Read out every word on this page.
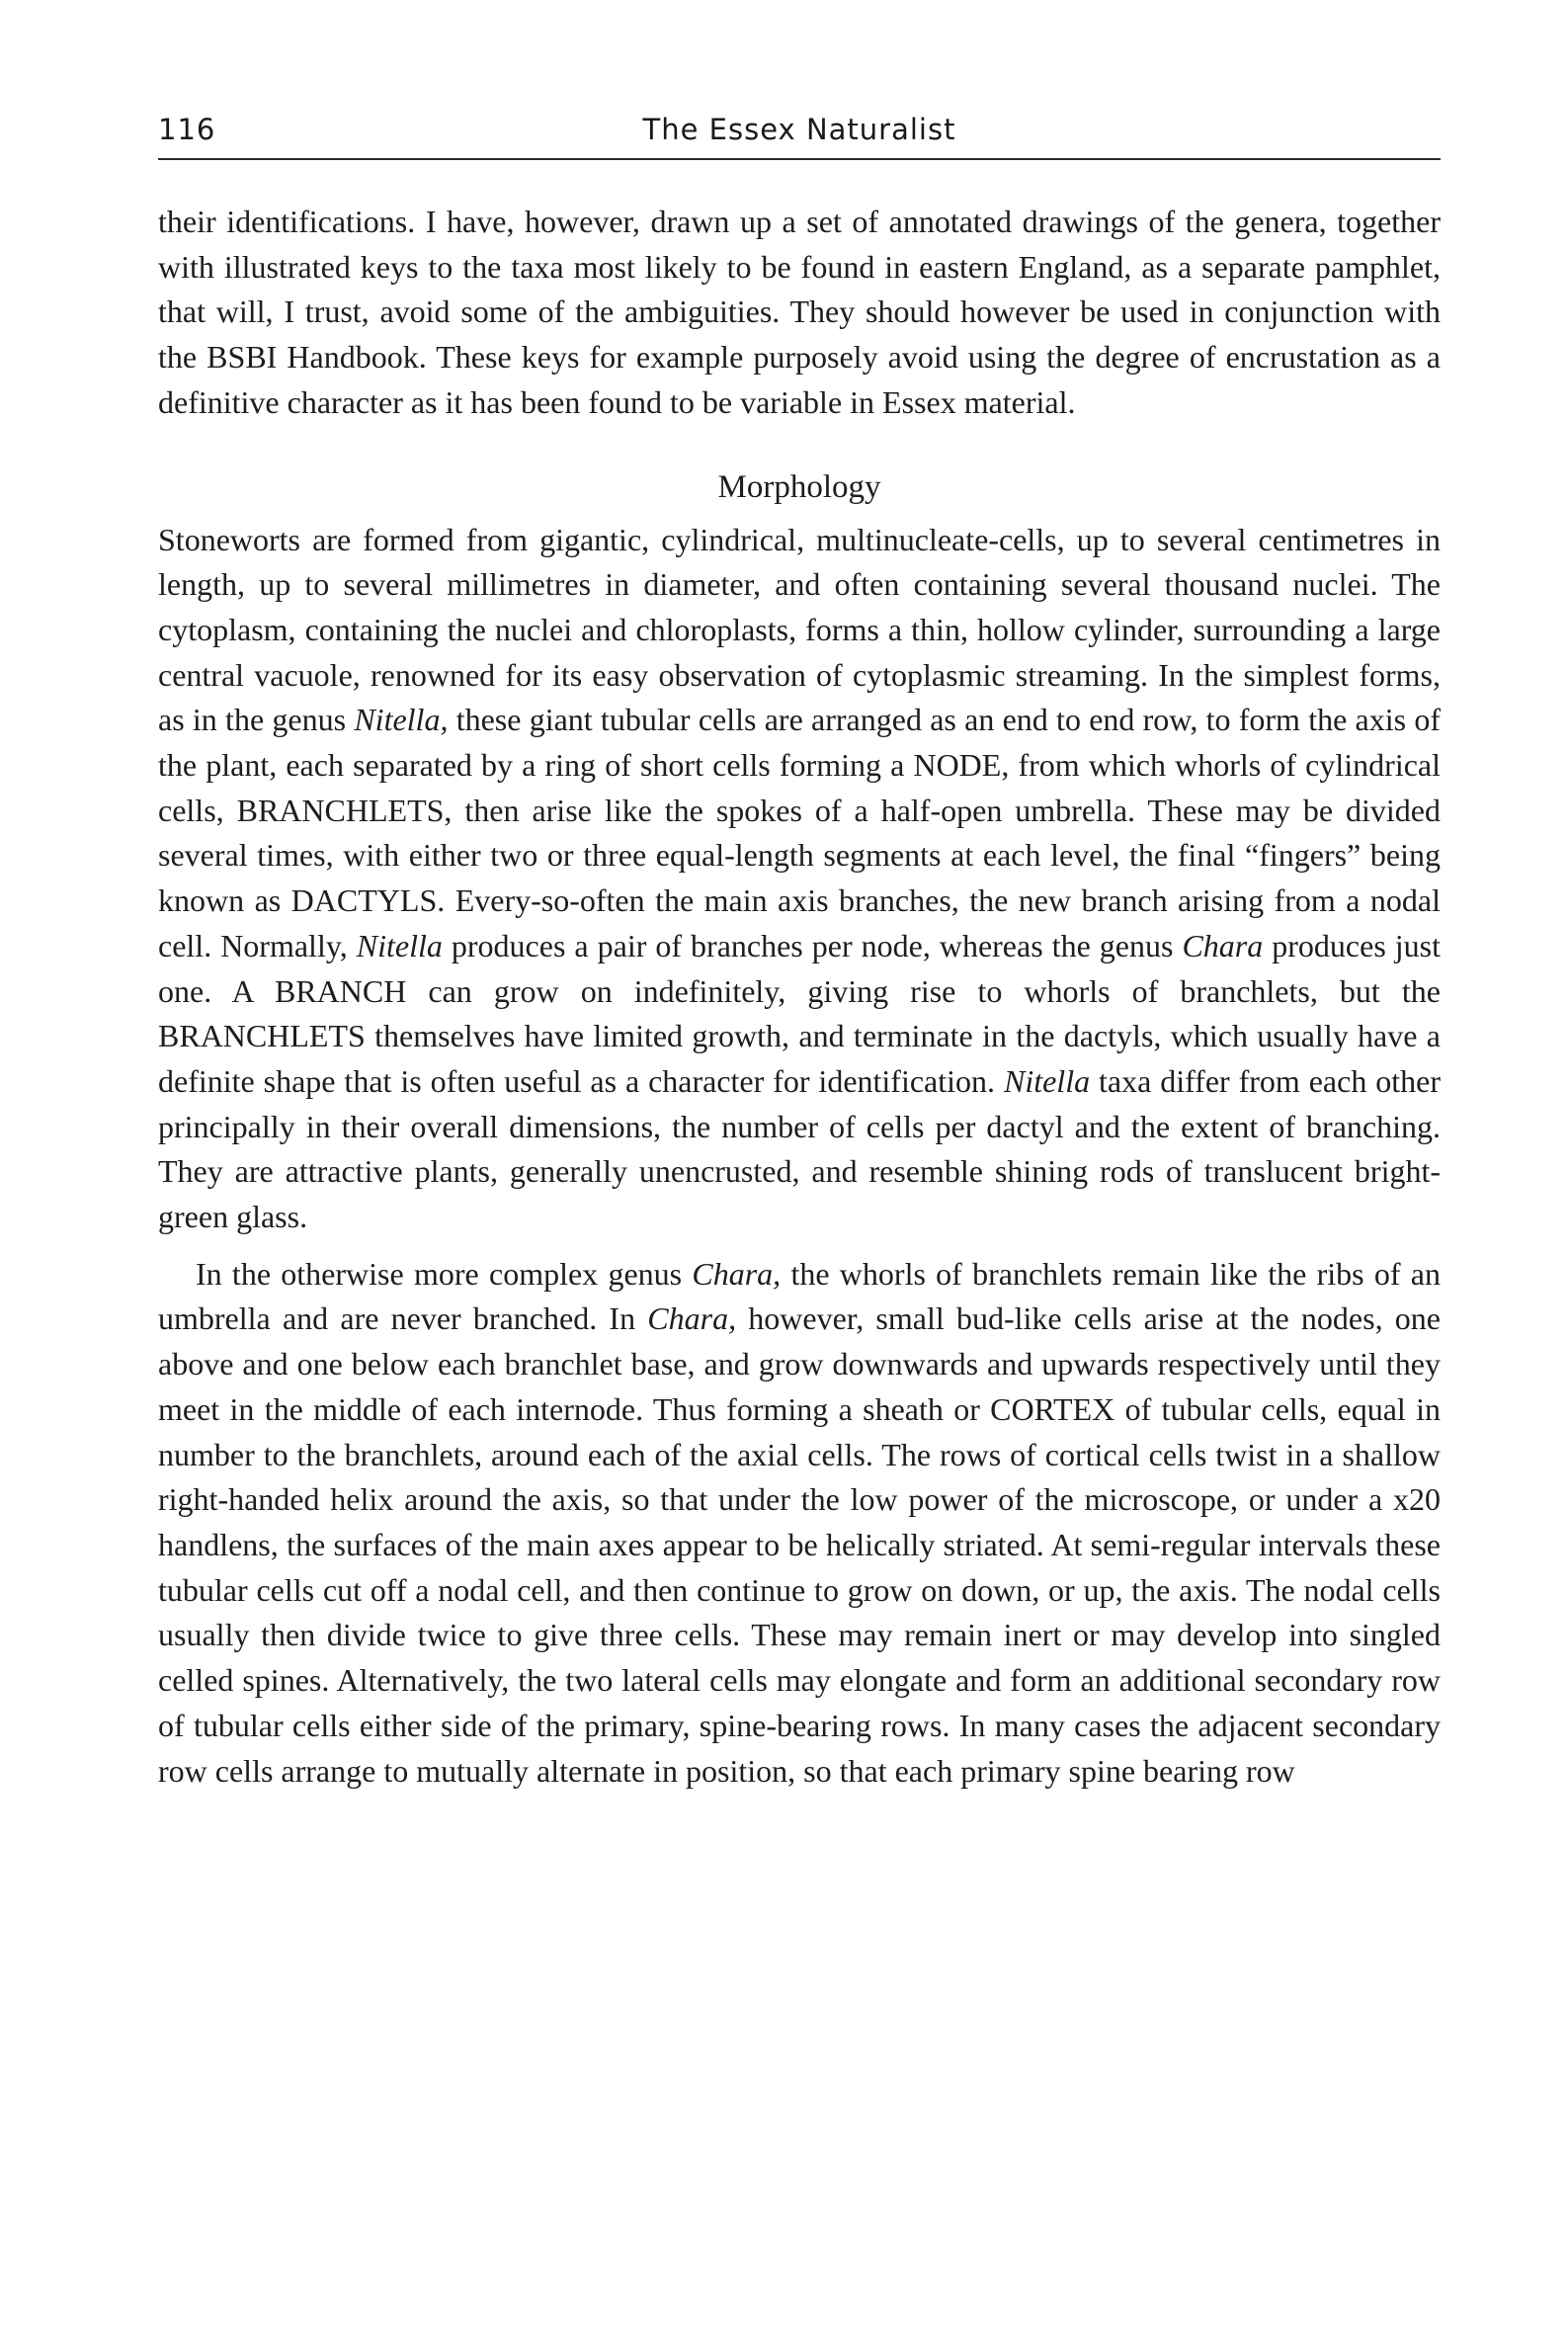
116	The Essex Naturalist

their identifications. I have, however, drawn up a set of annotated drawings of the genera, together with illustrated keys to the taxa most likely to be found in eastern England, as a separate pamphlet, that will, I trust, avoid some of the ambiguities. They should however be used in conjunction with the BSBI Handbook. These keys for example purposely avoid using the degree of encrustation as a definitive character as it has been found to be variable in Essex material.

Morphology

Stoneworts are formed from gigantic, cylindrical, multinucleate-cells, up to several centimetres in length, up to several millimetres in diameter, and often containing several thousand nuclei. The cytoplasm, containing the nuclei and chloroplasts, forms a thin, hollow cylinder, surrounding a large central vacuole, renowned for its easy observation of cytoplasmic streaming. In the simplest forms, as in the genus Nitella, these giant tubular cells are arranged as an end to end row, to form the axis of the plant, each separated by a ring of short cells forming a NODE, from which whorls of cylindrical cells, BRANCHLETS, then arise like the spokes of a half-open umbrella. These may be divided several times, with either two or three equal-length segments at each level, the final “fingers” being known as DACTYLS. Every-so-often the main axis branches, the new branch arising from a nodal cell. Normally, Nitella produces a pair of branches per node, whereas the genus Chara produces just one. A BRANCH can grow on indefinitely, giving rise to whorls of branchlets, but the BRANCHLETS themselves have limited growth, and terminate in the dactyls, which usually have a definite shape that is often useful as a character for identification. Nitella taxa differ from each other principally in their overall dimensions, the number of cells per dactyl and the extent of branching. They are attractive plants, generally unencrusted, and resemble shining rods of translucent bright-green glass.

In the otherwise more complex genus Chara, the whorls of branchlets remain like the ribs of an umbrella and are never branched. In Chara, however, small bud-like cells arise at the nodes, one above and one below each branchlet base, and grow downwards and upwards respectively until they meet in the middle of each internode. Thus forming a sheath or CORTEX of tubular cells, equal in number to the branchlets, around each of the axial cells. The rows of cortical cells twist in a shallow right-handed helix around the axis, so that under the low power of the microscope, or under a x20 handlens, the surfaces of the main axes appear to be helically striated. At semi-regular intervals these tubular cells cut off a nodal cell, and then continue to grow on down, or up, the axis. The nodal cells usually then divide twice to give three cells. These may remain inert or may develop into singled celled spines. Alternatively, the two lateral cells may elongate and form an additional secondary row of tubular cells either side of the primary, spine-bearing rows. In many cases the adjacent secondary row cells arrange to mutually alternate in position, so that each primary spine bearing row
